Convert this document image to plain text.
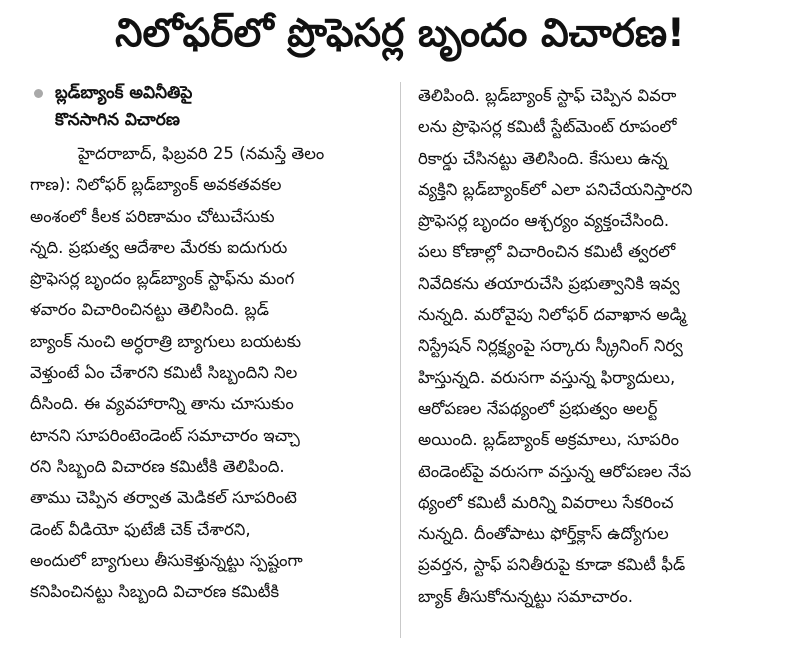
నిలోఫర్‌లో ప్రొఫెసర్ల బృందం విచారణ!
బ్లడ్‌బ్యాంక్ అవినీతిపై
కొనసాగిన విచారణ
హైదరాబాద్, ఫిబ్రవరి 25 (నమస్తే తెలం
గాణ): నిలోఫర్ బ్లడ్‌బ్యాంక్ అవకతవకల
అంశంలో కీలక పరిణామం చోటుచేసుకు
న్నది. ప్రభుత్వ ఆదేశాల మేరకు ఐదుగురు
ప్రొఫెసర్ల బృందం బ్లడ్‌బ్యాంక్ స్టాఫ్‌ను మంగ
ళవారం విచారించినట్టు తెలిసింది. బ్లడ్
బ్యాంక్ నుంచి అర్ధరాత్రి బ్యాగులు బయటకు
వెళ్తుంటే ఏం చేశారని కమిటీ సిబ్బందిని నిల
దీసింది. ఈ వ్యవహారాన్ని తాను చూసుకుం
టానని సూపరింటెండెంట్ సమాచారం ఇచ్చా
రని సిబ్బంది విచారణ కమిటీకి తెలిపింది.
తాము చెప్పిన తర్వాత మెడికల్ సూపరింటె
డెంట్ వీడియో ఫుటేజీ చెక్ చేశారని,
అందులో బ్యాగులు తీసుకెళ్తున్నట్టు స్పష్టంగా
కనిపించినట్టు సిబ్బంది విచారణ కమిటీకి
తెలిపింది. బ్లడ్‌బ్యాంక్ స్టాఫ్ చెప్పిన వివరా
లను ప్రొఫెసర్ల కమిటీ స్టేట్‌మెంట్ రూపంలో
రికార్డు చేసినట్టు తెలిసింది. కేసులు ఉన్న
వ్యక్తిని బ్లడ్‌బ్యాంక్‌లో ఎలా పనిచేయనిస్తారని
ప్రొఫెసర్ల బృందం ఆశ్చర్యం వ్యక్తంచేసింది.
పలు కోణాల్లో విచారించిన కమిటీ త్వరలో
నివేదికను తయారుచేసి ప్రభుత్వానికి ఇవ్వ
నున్నది. మరోవైపు నిలోఫర్ దవాఖాన అడ్మి
నిస్ట్రేషన్ నిర్లక్ష్యంపై సర్కారు స్క్రీనింగ్ నిర్వ
హిస్తున్నది. వరుసగా వస్తున్న ఫిర్యాదులు,
ఆరోపణల నేపథ్యంలో ప్రభుత్వం అలర్ట్
అయింది. బ్లడ్‌బ్యాంక్ అక్రమాలు, సూపరిం
టెండెంట్‌పై వరుసగా వస్తున్న ఆరోపణల నేప
థ్యంలో కమిటీ మరిన్ని వివరాలు సేకరించ
నున్నది. దీంతోపాటు ఫోర్త్‌క్లాస్ ఉద్యోగుల
ప్రవర్తన, స్టాఫ్ పనితీరుపై కూడా కమిటీ ఫీడ్
బ్యాక్ తీసుకోనున్నట్టు సమాచారం.
